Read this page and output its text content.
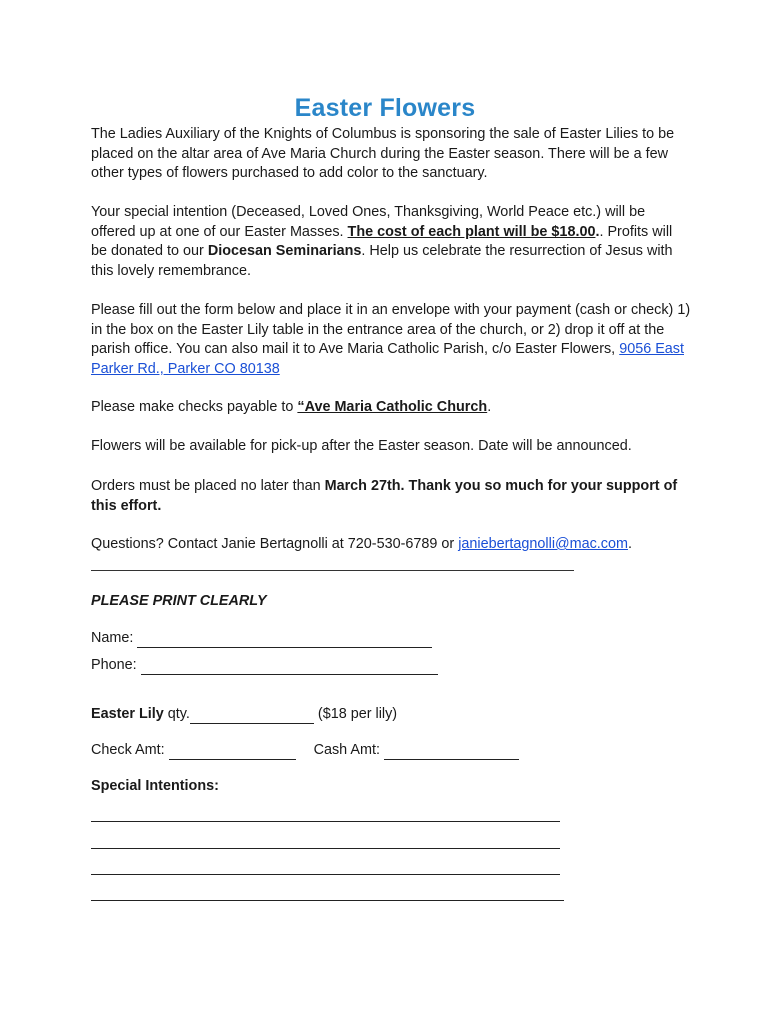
Easter Flowers

The Ladies Auxiliary of the Knights of Columbus is sponsoring the sale of Easter Lilies to be placed on the altar area of Ave Maria Church during the Easter season. There will be a few other types of flowers purchased to add color to the sanctuary.

Your special intention (Deceased, Loved Ones, Thanksgiving, World Peace etc.) will be offered up at one of our Easter Masses. The cost of each plant will be $18.00.. Profits will be donated to our Diocesan Seminarians. Help us celebrate the resurrection of Jesus with this lovely remembrance.

Please fill out the form below and place it in an envelope with your payment (cash or check) 1) in the box on the Easter Lily table in the entrance area of the church, or 2) drop it off at the parish office. You can also mail it to Ave Maria Catholic Parish, c/o Easter Flowers, 9056 East Parker Rd., Parker CO 80138

Please make checks payable to “Ave Maria Catholic Church.

Flowers will be available for pick-up after the Easter season. Date will be announced.

Orders must be placed no later than March 27th. Thank you so much for your support of this effort.

Questions? Contact Janie Bertagnolli at 720-530-6789 or janiebertagnolli@mac.com.

PLEASE PRINT CLEARLY
Name:
Phone:
Easter Lily qty.	($18 per lily)
Check Amt:	Cash Amt:
Special Intentions:
